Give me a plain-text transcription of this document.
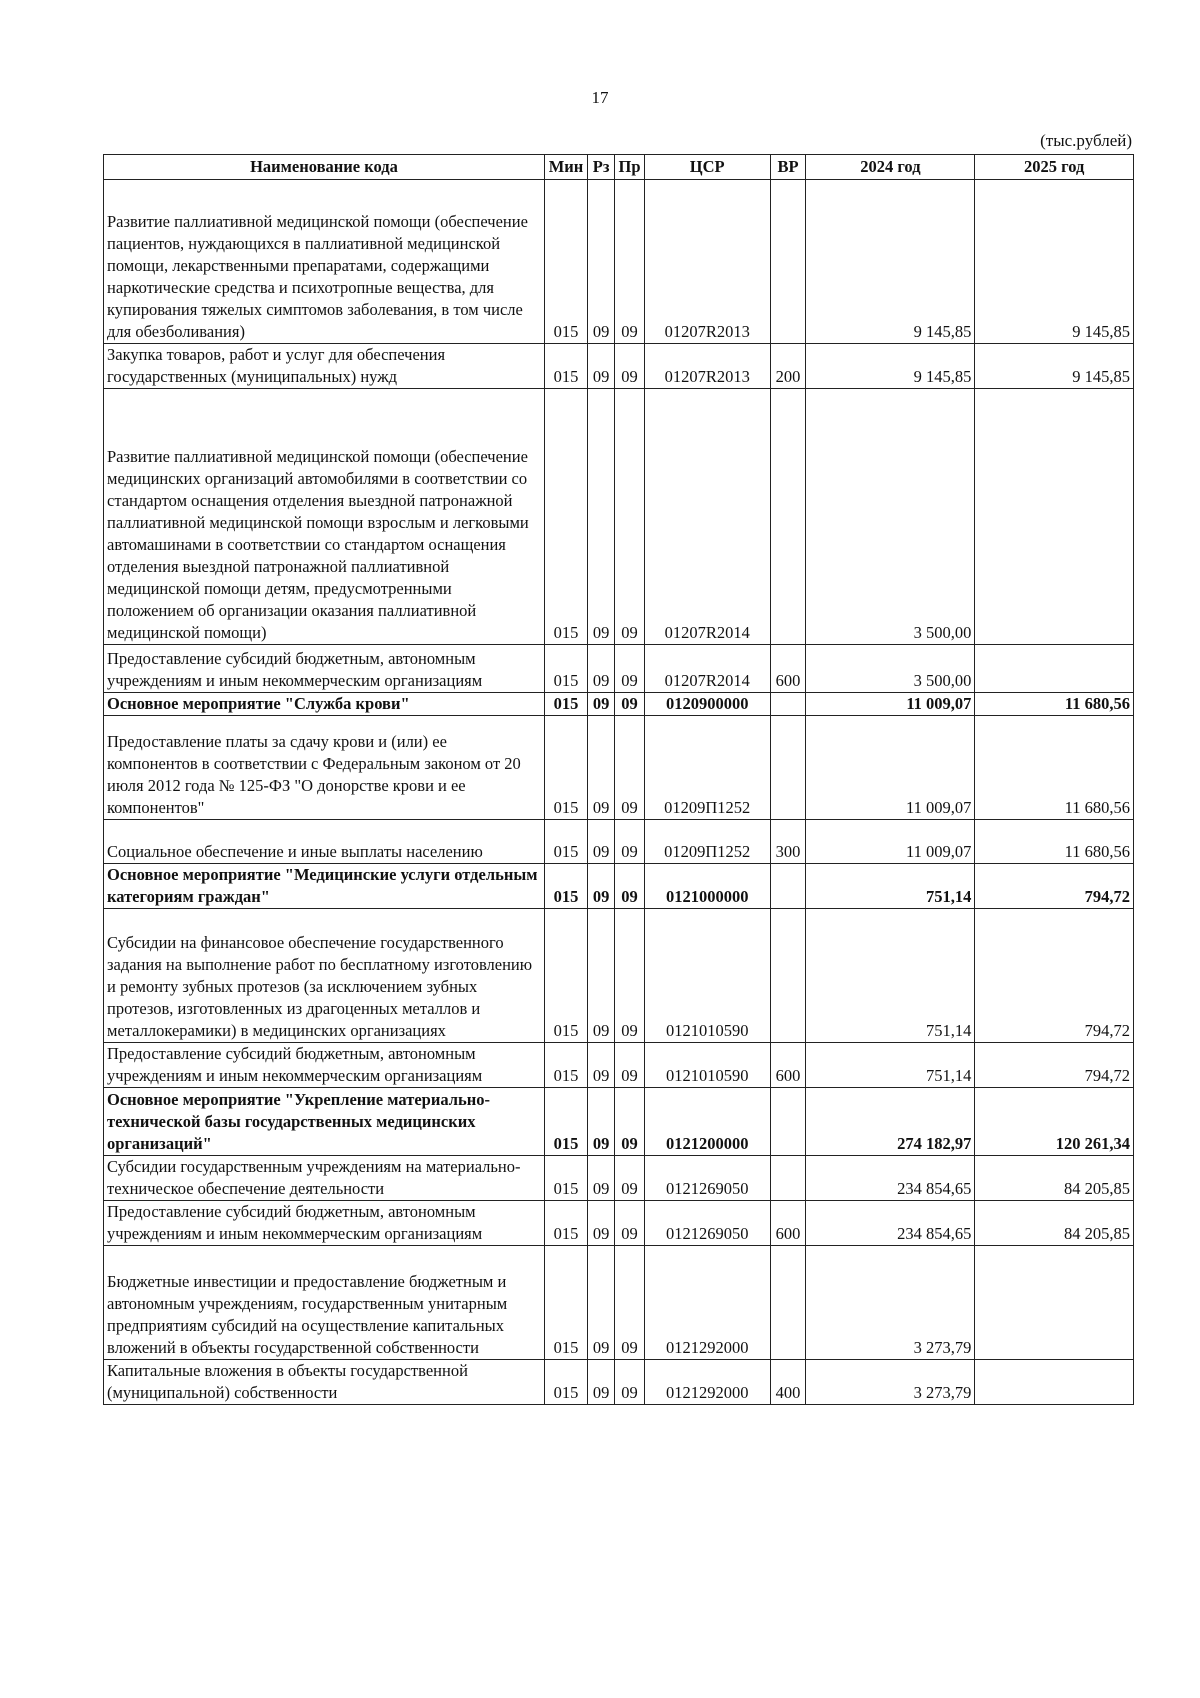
17
(тыс.рублей)
Наименование кода	Мин	Рз	Пр	ЦСР	ВР	2024 год	2025 год
Развитие паллиативной медицинской помощи (обеспечение пациентов, нуждающихся в паллиативной медицинской помощи, лекарственными препаратами, содержащими наркотические средства и психотропные вещества, для купирования тяжелых симптомов заболевания, в том числе для обезболивания)	015	09	09	01207R2013		9 145,85	9 145,85
Закупка товаров, работ и услуг для обеспечения государственных (муниципальных) нужд	015	09	09	01207R2013	200	9 145,85	9 145,85
Развитие паллиативной медицинской помощи (обеспечение медицинских организаций автомобилями в соответствии со стандартом оснащения отделения выездной патронажной паллиативной медицинской помощи взрослым и легковыми автомашинами в соответствии со стандартом оснащения отделения выездной патронажной паллиативной медицинской помощи детям, предусмотренными положением об организации оказания паллиативной медицинской помощи)	015	09	09	01207R2014		3 500,00	
Предоставление субсидий бюджетным, автономным учреждениям и иным некоммерческим организациям	015	09	09	01207R2014	600	3 500,00	
Основное мероприятие "Служба крови"	015	09	09	0120900000		11 009,07	11 680,56
Предоставление платы за сдачу крови и (или) ее компонентов в соответствии с Федеральным законом от 20 июля 2012 года № 125-ФЗ "О донорстве крови и ее компонентов"	015	09	09	01209П1252		11 009,07	11 680,56
Социальное обеспечение и иные выплаты населению	015	09	09	01209П1252	300	11 009,07	11 680,56
Основное мероприятие "Медицинские услуги отдельным категориям граждан"	015	09	09	0121000000		751,14	794,72
Субсидии на финансовое обеспечение государственного задания на выполнение работ по бесплатному изготовлению и ремонту зубных протезов (за исключением зубных протезов, изготовленных из драгоценных металлов и металлокерамики) в медицинских организациях	015	09	09	0121010590		751,14	794,72
Предоставление субсидий бюджетным, автономным учреждениям и иным некоммерческим организациям	015	09	09	0121010590	600	751,14	794,72
Основное мероприятие "Укрепление материально-технической базы государственных медицинских организаций"	015	09	09	0121200000		274 182,97	120 261,34
Субсидии государственным учреждениям на материально-техническое обеспечение деятельности	015	09	09	0121269050		234 854,65	84 205,85
Предоставление субсидий бюджетным, автономным учреждениям и иным некоммерческим организациям	015	09	09	0121269050	600	234 854,65	84 205,85
Бюджетные инвестиции и предоставление бюджетным и автономным учреждениям, государственным унитарным предприятиям субсидий на осуществление капитальных вложений в объекты государственной собственности	015	09	09	0121292000		3 273,79	
Капитальные вложения в объекты государственной (муниципальной) собственности	015	09	09	0121292000	400	3 273,79	
